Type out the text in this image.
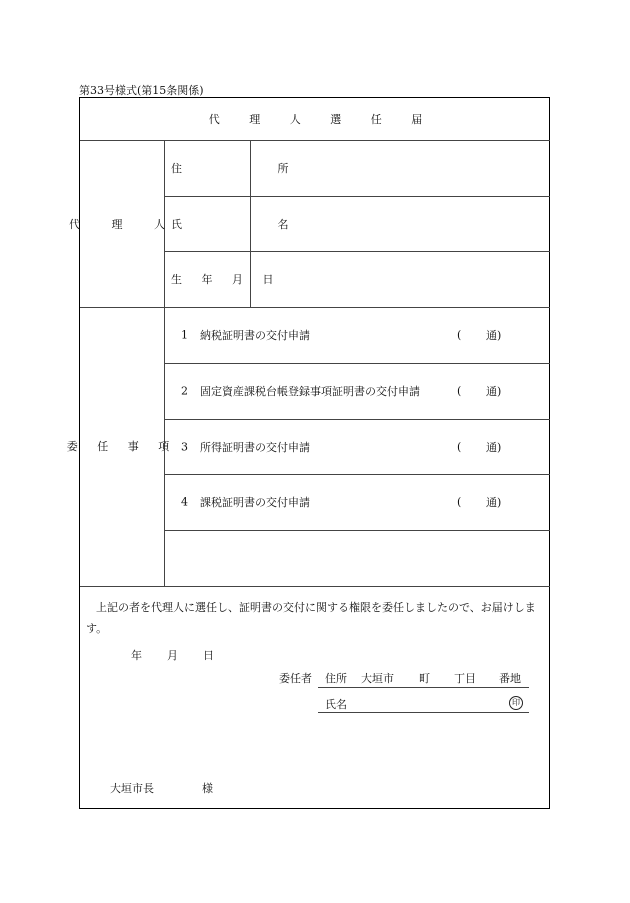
第33号様式(第15条関係)
代 理 人 選 任 届
代 理 人
住 所
氏 名
生 年 月 日
委 任 事 項
1 納税証明書の交付申請	( 通)
2 固定資産課税台帳登録事項証明書の交付申請	( 通)
3 所得証明書の交付申請	( 通)
4 課税証明書の交付申請	( 通)
上記の者を代理人に選任し、証明書の交付に関する権限を委任しましたので、お届けします。
年 月 日
委任者 住所 大垣市 町 丁目 番地
氏名	印
大垣市長	様
